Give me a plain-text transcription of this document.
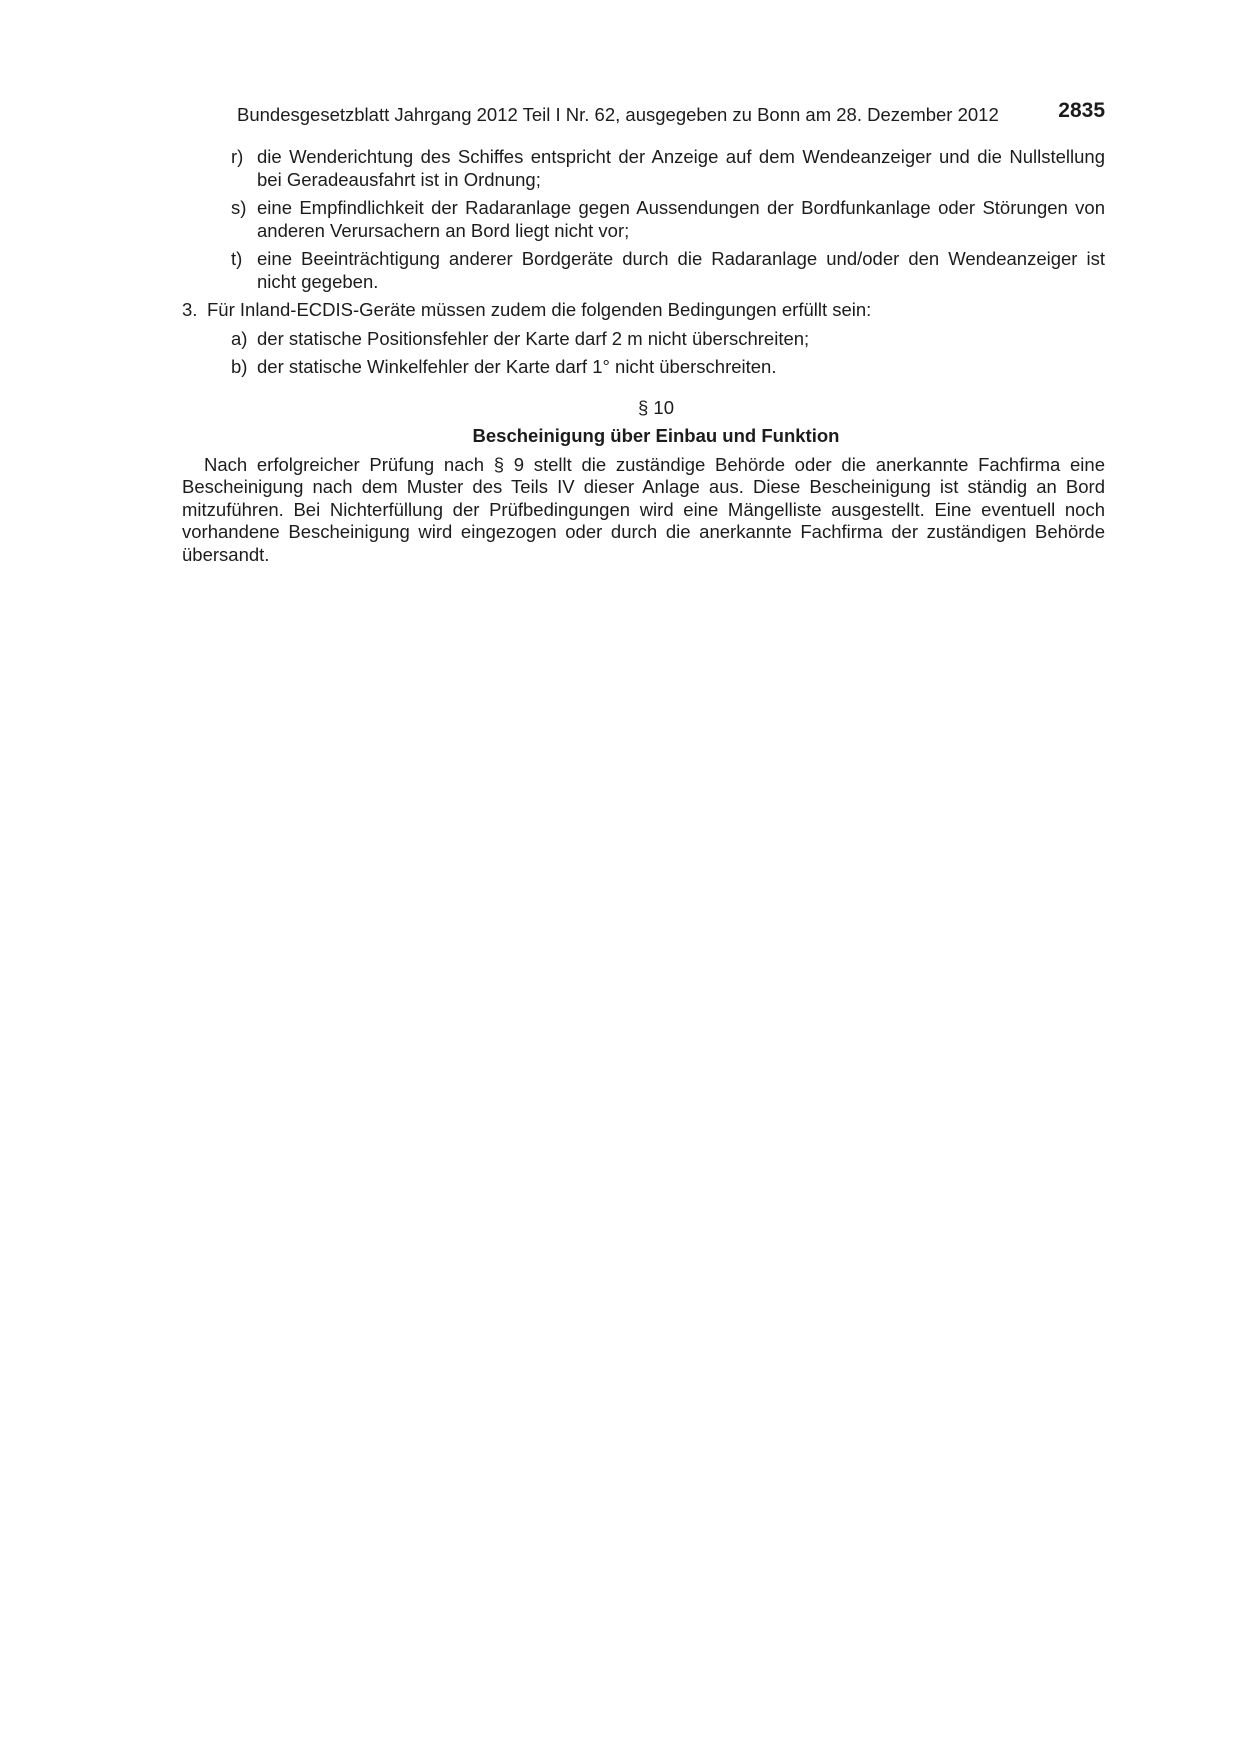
Bundesgesetzblatt Jahrgang 2012 Teil I Nr. 62, ausgegeben zu Bonn am 28. Dezember 2012	2835
r) die Wenderichtung des Schiffes entspricht der Anzeige auf dem Wendeanzeiger und die Nullstellung bei Geradeausfahrt ist in Ordnung;
s) eine Empfindlichkeit der Radaranlage gegen Aussendungen der Bordfunkanlage oder Störungen von anderen Verursachern an Bord liegt nicht vor;
t) eine Beeinträchtigung anderer Bordgeräte durch die Radaranlage und/oder den Wendeanzeiger ist nicht gegeben.
3. Für Inland-ECDIS-Geräte müssen zudem die folgenden Bedingungen erfüllt sein:
a) der statische Positionsfehler der Karte darf 2 m nicht überschreiten;
b) der statische Winkelfehler der Karte darf 1° nicht überschreiten.
§ 10
Bescheinigung über Einbau und Funktion
Nach erfolgreicher Prüfung nach § 9 stellt die zuständige Behörde oder die anerkannte Fachfirma eine Bescheinigung nach dem Muster des Teils IV dieser Anlage aus. Diese Bescheinigung ist ständig an Bord mitzuführen. Bei Nichterfüllung der Prüfbedingungen wird eine Mängelliste ausgestellt. Eine eventuell noch vorhandene Bescheinigung wird eingezogen oder durch die anerkannte Fachfirma der zuständigen Behörde übersandt.
